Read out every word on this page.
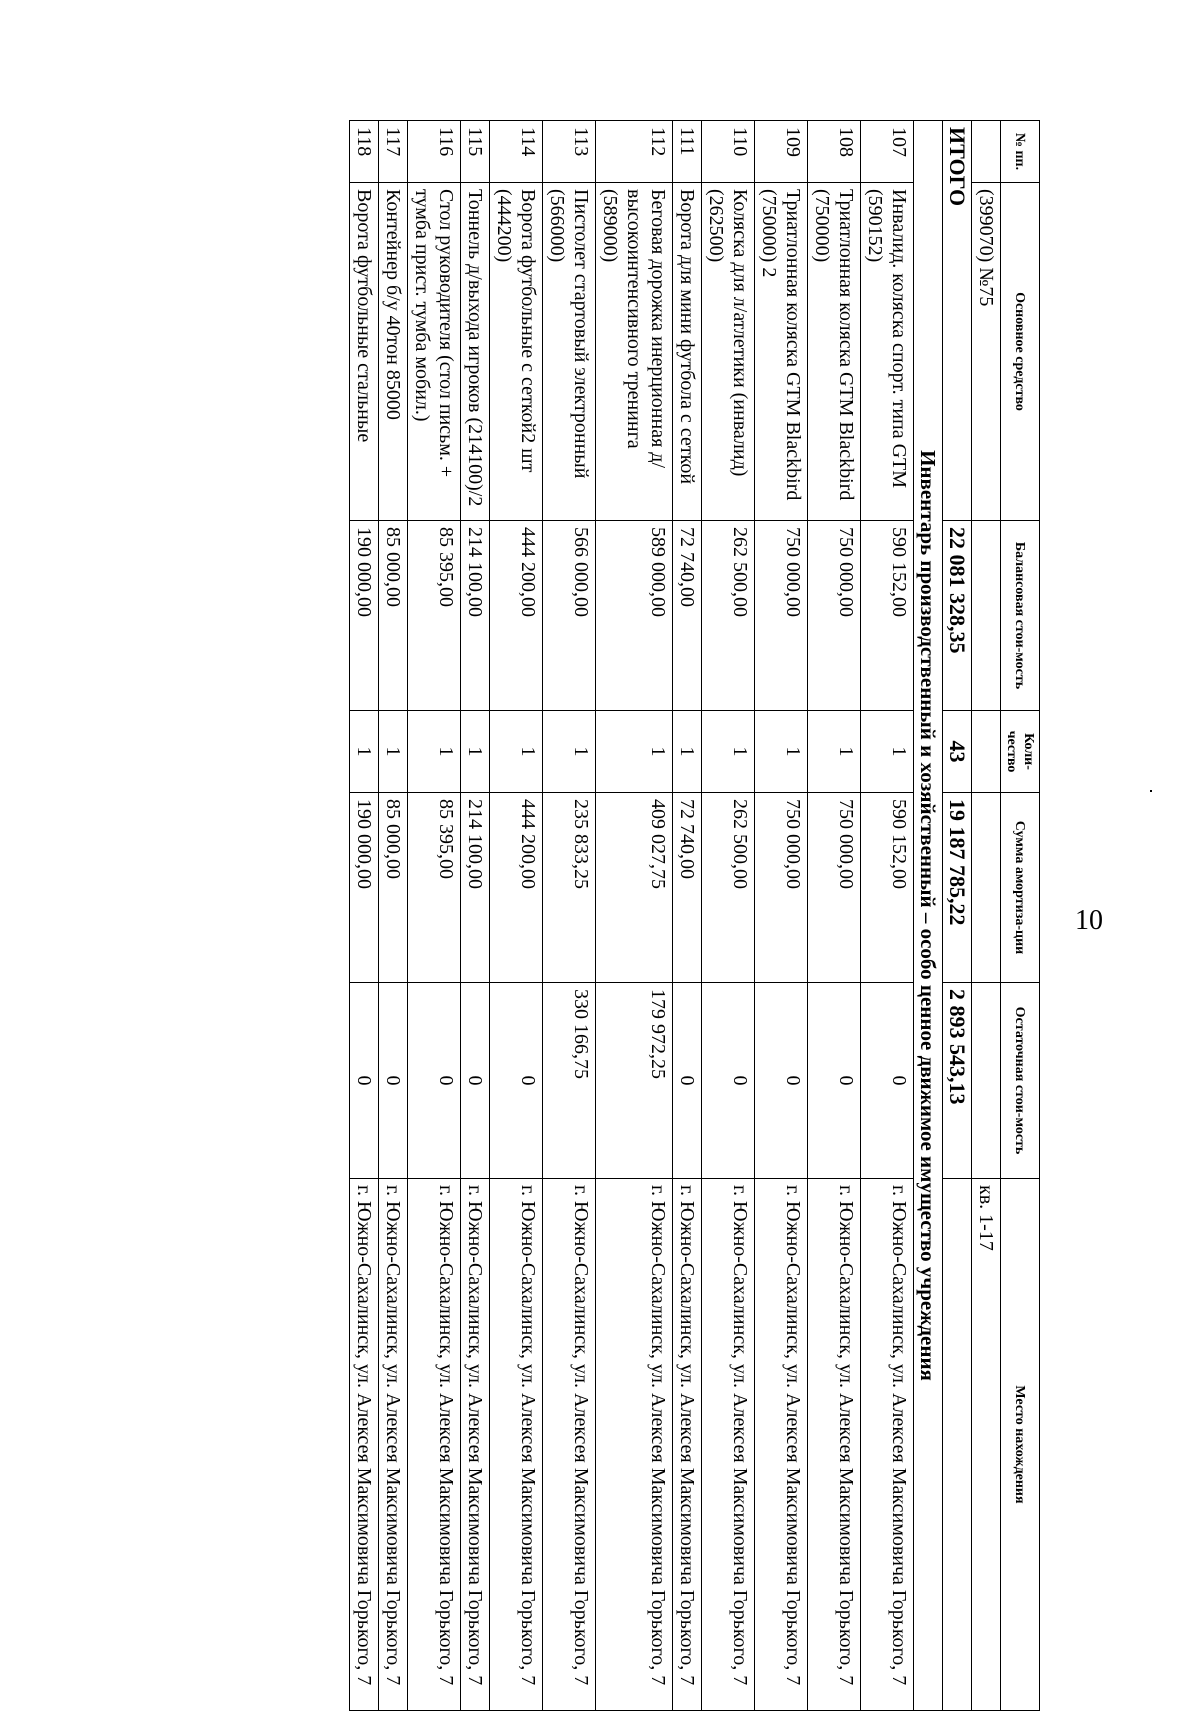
10
№ пп.	Основное средство	Балансовая стои-мость	Коли-чество	Сумма амортиза-ции	Остаточная стои-мость	Место нахождения
	(399070) №75					кв. 1-17
ИТОГО		22 081 328,35	43	19 187 785,22	2 893 543,13	
Инвентарь производственный и хозяйственный – особо ценное движимое имущество учреждения						
107	Инвалид. коляска спорт. типа GTM (590152)	590 152,00	1	590 152,00	0	г. Южно-Сахалинск, ул. Алексея Максимовича Горького, 7
108	Триатлонная коляска GTM Blackbird (750000)	750 000,00	1	750 000,00	0	г. Южно-Сахалинск, ул. Алексея Максимовича Горького, 7
109	Триатлонная коляска GTM Blackbird (750000) 2	750 000,00	1	750 000,00	0	г. Южно-Сахалинск, ул. Алексея Максимовича Горького, 7
110	Коляска для л/атлетики (инвалид) (262500)	262 500,00	1	262 500,00	0	г. Южно-Сахалинск, ул. Алексея Максимовича Горького, 7
111	Ворота для мини футбола с сеткой	72 740,00	1	72 740,00	0	г. Южно-Сахалинск, ул. Алексея Максимовича Горького, 7
112	Беговая дорожка инерционная д/высокоинтенсивного тренинга (589000)	589 000,00	1	409 027,75	179 972,25	г. Южно-Сахалинск, ул. Алексея Максимовича Горького, 7
113	Пистолет стартовый электронный (566000)	566 000,00	1	235 833,25	330 166,75	г. Южно-Сахалинск, ул. Алексея Максимовича Горького, 7
114	Ворота футбольные с сеткой2 шт (444200)	444 200,00	1	444 200,00	0	г. Южно-Сахалинск, ул. Алексея Максимовича Горького, 7
115	Тоннель д/выхода игроков (214100)/2	214 100,00	1	214 100,00	0	г. Южно-Сахалинск, ул. Алексея Максимовича Горького, 7
116	Стол руководителя (стол письм. + тумба прист. тумба мобил.)	85 395,00	1	85 395,00	0	г. Южно-Сахалинск, ул. Алексея Максимовича Горького, 7
117	Контейнер б/у 40тон 85000	85 000,00	1	85 000,00	0	г. Южно-Сахалинск, ул. Алексея Максимовича Горького, 7
118	Ворота футбольные стальные	190 000,00	1	190 000,00	0	г. Южно-Сахалинск, ул. Алексея Максимовича Горького, 7
